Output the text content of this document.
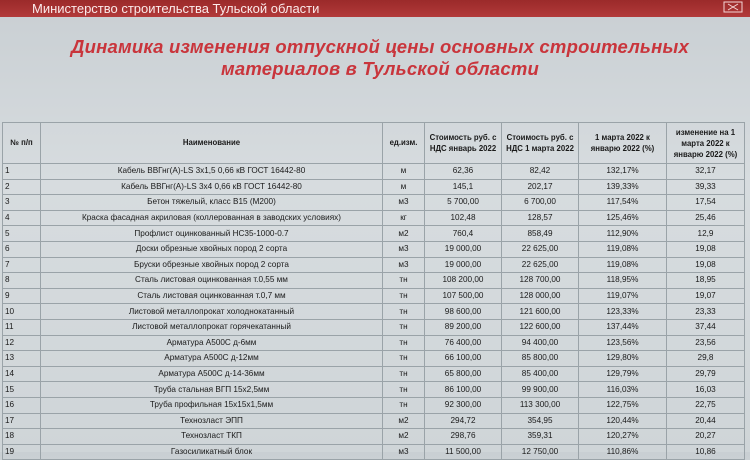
Министерство строительства Тульской области
Динамика изменения отпускной цены основных строительных
материалов в Тульской области
№ п/п	Наименование	ед.изм.	Стоимость руб. с НДС январь 2022	Стоимость руб. с НДС 1 марта 2022	1 марта 2022 к январю 2022 (%)	изменение на 1 марта 2022 к январю 2022 (%)
1	Кабель ВВГнг(А)-LS 3х1,5 0,66 кВ ГОСТ 16442-80	м	62,36	82,42	132,17%	32,17
2	Кабель ВВГнг(А)-LS 3х4 0,66 кВ ГОСТ 16442-80	м	145,1	202,17	139,33%	39,33
3	Бетон тяжелый, класс В15 (М200)	м3	5 700,00	6 700,00	117,54%	17,54
4	Краска фасадная акриловая (коллерованная в заводских условиях)	кг	102,48	128,57	125,46%	25,46
5	Профлист оцинкованный НС35-1000-0.7	м2	760,4	858,49	112,90%	12,9
6	Доски обрезные хвойных пород 2 сорта	м3	19 000,00	22 625,00	119,08%	19,08
7	Бруски обрезные хвойных пород 2 сорта	м3	19 000,00	22 625,00	119,08%	19,08
8	Сталь листовая оцинкованная т.0,55 мм	тн	108 200,00	128 700,00	118,95%	18,95
9	Сталь листовая оцинкованная т.0,7 мм	тн	107 500,00	128 000,00	119,07%	19,07
10	Листовой металлопрокат холоднокатанный	тн	98 600,00	121 600,00	123,33%	23,33
11	Листовой металлопрокат горячекатанный	тн	89 200,00	122 600,00	137,44%	37,44
12	Арматура А500С д-6мм	тн	76 400,00	94 400,00	123,56%	23,56
13	Арматура А500С д-12мм	тн	66 100,00	85 800,00	129,80%	29,8
14	Арматура А500С д-14-36мм	тн	65 800,00	85 400,00	129,79%	29,79
15	Труба стальная ВГП 15х2,5мм	тн	86 100,00	99 900,00	116,03%	16,03
16	Труба профильная 15х15х1,5мм	тн	92 300,00	113 300,00	122,75%	22,75
17	Технозласт ЭПП	м2	294,72	354,95	120,44%	20,44
18	Технозласт ТКП	м2	298,76	359,31	120,27%	20,27
19	Газосиликатный блок	м3	11 500,00	12 750,00	110,86%	10,86
